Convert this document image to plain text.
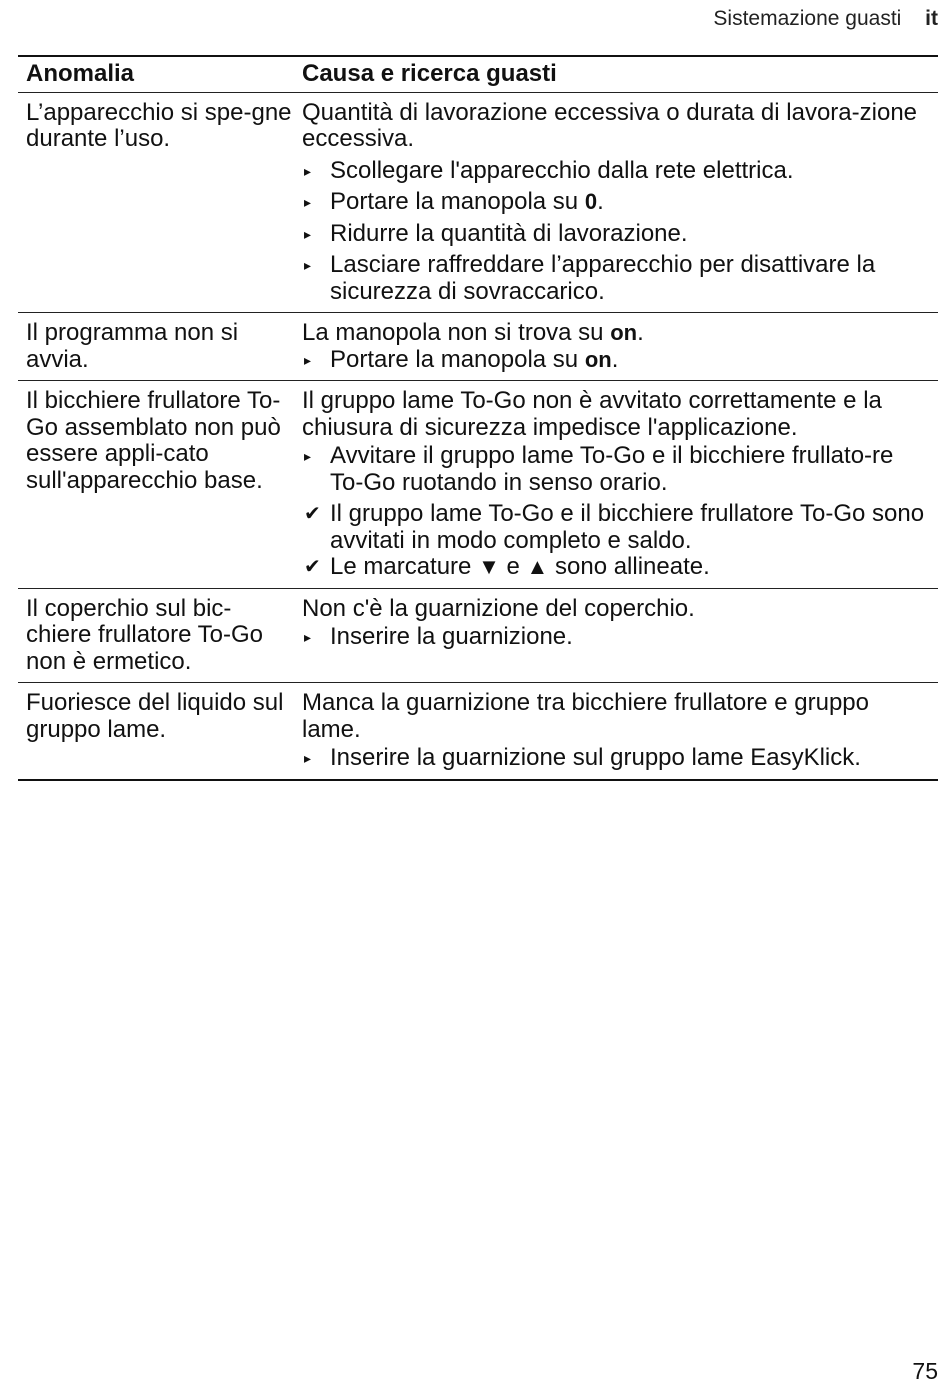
Sistemazione guasti it
Anomalia	Causa e ricerca guasti
L’apparecchio si spe-gne durante l’uso.

Quantità di lavorazione eccessiva o durata di lavora-zione eccessiva.

▸ Scollegare l'apparecchio dalla rete elettrica.
▸ Portare la manopola su 0.
▸ Ridurre la quantità di lavorazione.
▸ Lasciare raffreddare l’apparecchio per disattivare la sicurezza di sovraccarico.
Il programma non si avvia.

La manopola non si trova su on.

▸ Portare la manopola su on.
Il bicchiere frullatore To-Go assemblato non può essere appli-cato sull'apparecchio base.

Il gruppo lame To-Go non è avvitato correttamente e la chiusura di sicurezza impedisce l'applicazione.

▸ Avvitare il gruppo lame To-Go e il bicchiere frullato-re To-Go ruotando in senso orario.
✔ Il gruppo lame To-Go e il bicchiere frullatore To-Go sono avvitati in modo completo e saldo.
✔ Le marcature ▼ e ▲ sono allineate.
Il coperchio sul bic-chiere frullatore To-Go non è ermetico.

Non c'è la guarnizione del coperchio.

▸ Inserire la guarnizione.
Fuoriesce del liquido sul gruppo lame.

Manca la guarnizione tra bicchiere frullatore e gruppo lame.

▸ Inserire la guarnizione sul gruppo lame EasyKlick.
75
